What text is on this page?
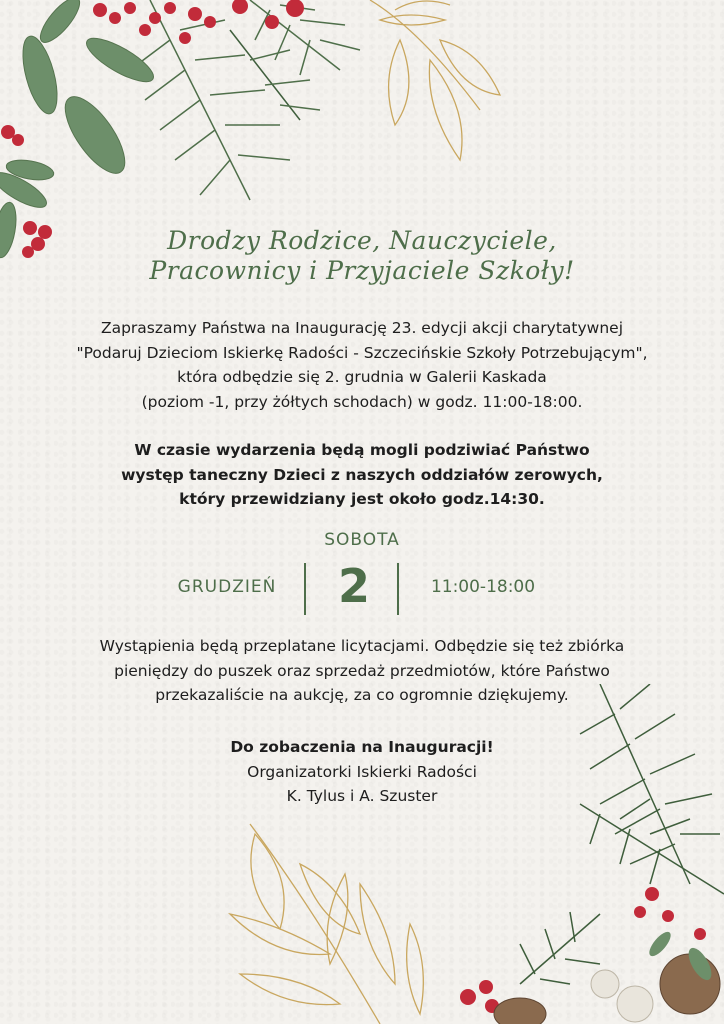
Drodzy Rodzice, Nauczyciele,
Pracownicy i Przyjaciele Szkoły!
Zapraszamy Państwa na Inaugurację 23. edycji akcji charytatywnej
"Podaruj Dzieciom Iskierkę Radości - Szczecińskie Szkoły Potrzebującym",
która odbędzie się 2. grudnia w Galerii Kaskada
(poziom -1, przy żółtych schodach) w godz. 11:00-18:00.
W czasie wydarzenia będą mogli podziwiać Państwo
występ taneczny Dzieci z naszych oddziałów zerowych,
który przewidziany jest około godz.14:30.
SOBOTA
GRUDZIEŃ	2	11:00-18:00
Wystąpienia będą przeplatane licytacjami. Odbędzie się też zbiórka
pieniędzy do puszek oraz sprzedaż przedmiotów, które Państwo
przekazaliście na aukcję, za co ogromnie dziękujemy.
Do zobaczenia na Inauguracji!
Organizatorki Iskierki Radości
K. Tylus i A. Szuster
